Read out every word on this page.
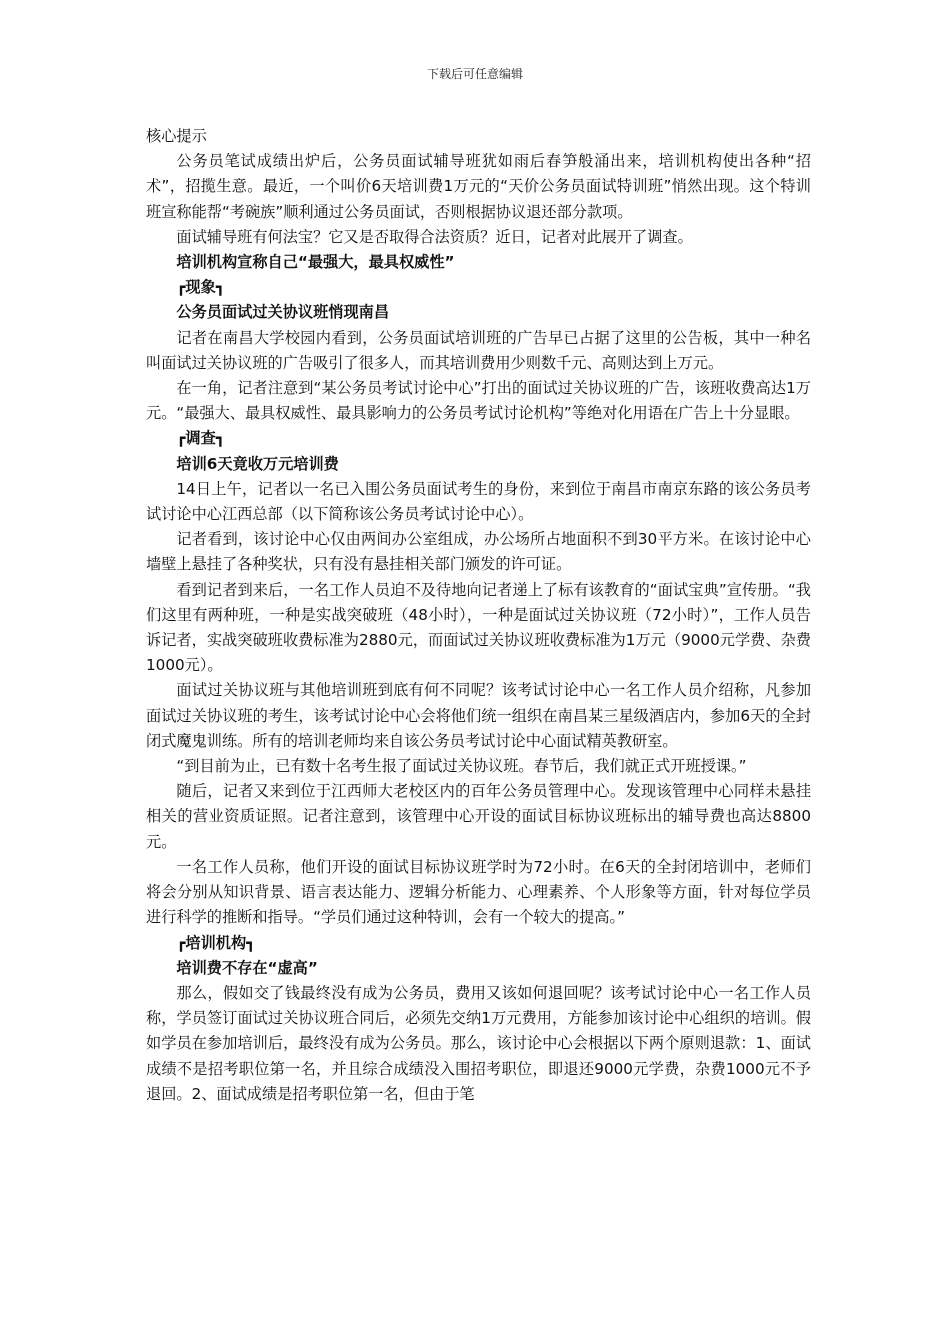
下载后可任意编辑

核心提示

公务员笔试成绩出炉后，公务员面试辅导班犹如雨后春笋般涌出来，培训机构使出各种“招术”，招揽生意。最近，一个叫价6天培训费1万元的“天价公务员面试特训班”悄然出现。这个特训班宣称能帮“考碗族”顺利通过公务员面试，否则根据协议退还部分款项。

面试辅导班有何法宝？它又是否取得合法资质？近日，记者对此展开了调查。

培训机构宣称自己“最强大，最具权威性”

┏现象┓

公务员面试过关协议班悄现南昌

记者在南昌大学校园内看到，公务员面试培训班的广告早已占据了这里的公告板，其中一种名叫面试过关协议班的广告吸引了很多人，而其培训费用少则数千元、高则达到上万元。

在一角，记者注意到“某公务员考试讨论中心”打出的面试过关协议班的广告，该班收费高达1万元。“最强大、最具权威性、最具影响力的公务员考试讨论机构”等绝对化用语在广告上十分显眼。

┏调查┓

培训6天竟收万元培训费

14日上午，记者以一名已入围公务员面试考生的身份，来到位于南昌市南京东路的该公务员考试讨论中心江西总部（以下简称该公务员考试讨论中心）。

记者看到，该讨论中心仅由两间办公室组成，办公场所占地面积不到30平方米。在该讨论中心墙壁上悬挂了各种奖状，只有没有悬挂相关部门颁发的许可证。

看到记者到来后，一名工作人员迫不及待地向记者递上了标有该教育的“面试宝典”宣传册。“我们这里有两种班，一种是实战突破班（48小时），一种是面试过关协议班（72小时）”，工作人员告诉记者，实战突破班收费标准为2880元，而面试过关协议班收费标准为1万元（9000元学费、杂费1000元）。

面试过关协议班与其他培训班到底有何不同呢？该考试讨论中心一名工作人员介绍称，凡参加面试过关协议班的考生，该考试讨论中心会将他们统一组织在南昌某三星级酒店内，参加6天的全封闭式魔鬼训练。所有的培训老师均来自该公务员考试讨论中心面试精英教研室。

“到目前为止，已有数十名考生报了面试过关协议班。春节后，我们就正式开班授课。”

随后，记者又来到位于江西师大老校区内的百年公务员管理中心。发现该管理中心同样未悬挂相关的营业资质证照。记者注意到，该管理中心开设的面试目标协议班标出的辅导费也高达8800元。

一名工作人员称，他们开设的面试目标协议班学时为72小时。在6天的全封闭培训中，老师们将会分别从知识背景、语言表达能力、逻辑分析能力、心理素养、个人形象等方面，针对每位学员进行科学的推断和指导。“学员们通过这种特训，会有一个较大的提高。”

┏培训机构┓

培训费不存在“虚高”

那么，假如交了钱最终没有成为公务员，费用又该如何退回呢？该考试讨论中心一名工作人员称，学员签订面试过关协议班合同后，必须先交纳1万元费用，方能参加该讨论中心组织的培训。假如学员在参加培训后，最终没有成为公务员。那么，该讨论中心会根据以下两个原则退款：1、面试成绩不是招考职位第一名，并且综合成绩没入围招考职位，即退还9000元学费，杂费1000元不予退回。2、面试成绩是招考职位第一名，但由于笔
